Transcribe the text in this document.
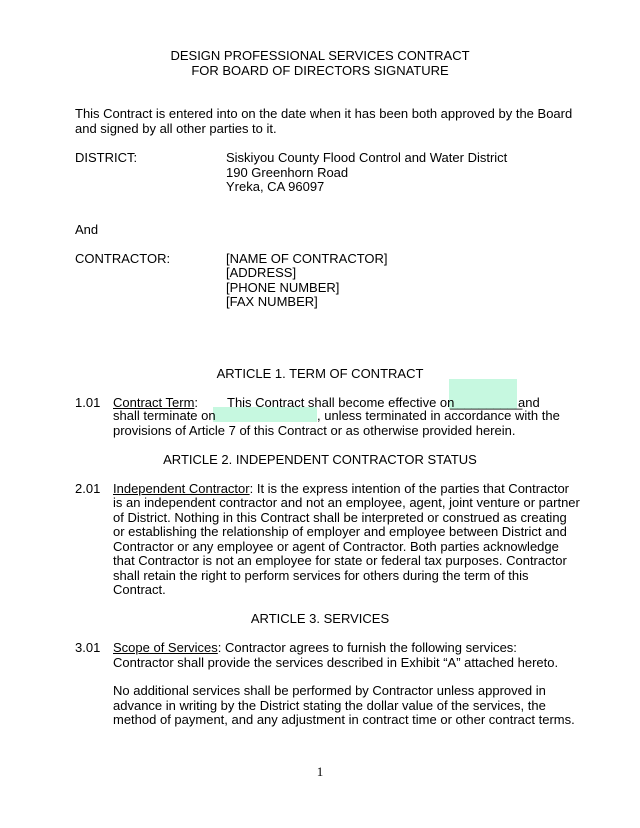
DESIGN PROFESSIONAL SERVICES CONTRACT
FOR BOARD OF DIRECTORS SIGNATURE
This Contract is entered into on the date when it has been both approved by the Board
and signed by all other parties to it.
DISTRICT:	Siskiyou County Flood Control and Water District
190 Greenhorn Road
Yreka, CA 96097
And
CONTRACTOR:	[NAME OF CONTRACTOR]
[ADDRESS]
[PHONE NUMBER]
[FAX NUMBER]
ARTICLE 1. TERM OF CONTRACT
1.01 Contract Term: This Contract shall become effective on
__________
and
shall terminate on	, unless terminated in accordance with the
provisions of Article 7 of this Contract or as otherwise provided herein.
ARTICLE 2. INDEPENDENT CONTRACTOR STATUS
2.01 Independent Contractor: It is the express intention of the parties that Contractor
is an independent contractor and not an employee, agent, joint venture or partner
of District. Nothing in this Contract shall be interpreted or construed as creating
or establishing the relationship of employer and employee between District and
Contractor or any employee or agent of Contractor. Both parties acknowledge
that Contractor is not an employee for state or federal tax purposes. Contractor
shall retain the right to perform services for others during the term of this
Contract.
ARTICLE 3. SERVICES
3.01 Scope of Services: Contractor agrees to furnish the following services:
Contractor shall provide the services described in Exhibit “A” attached hereto.
No additional services shall be performed by Contractor unless approved in
advance in writing by the District stating the dollar value of the services, the
method of payment, and any adjustment in contract time or other contract terms.
1
